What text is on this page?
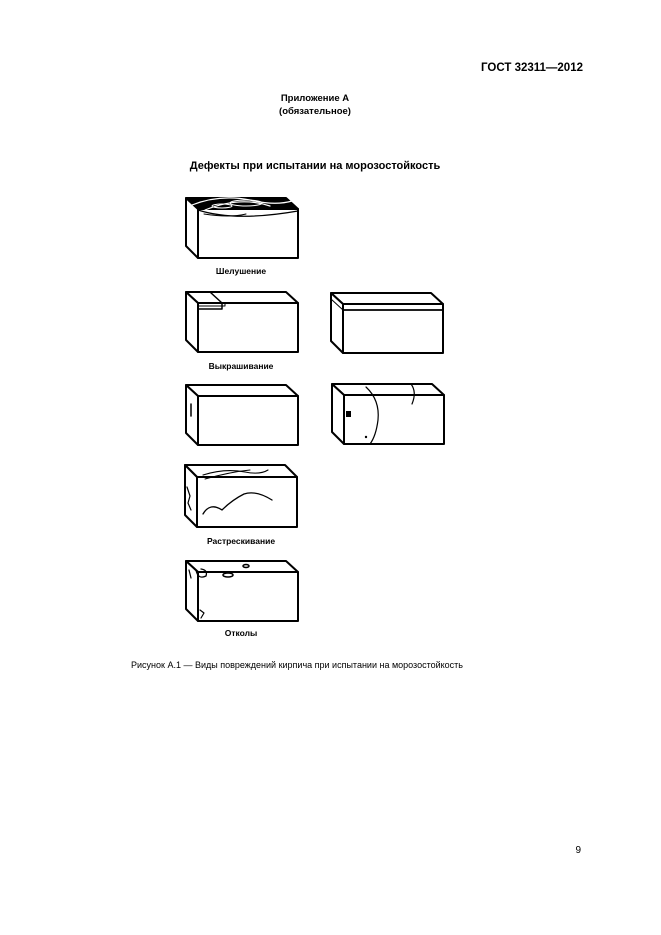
ГОСТ 32311—2012
Приложение А
(обязательное)
Дефекты при испытании на морозостойкость
Шелушение
Выкрашивание
Растрескивание
Отколы
Рисунок А.1 — Виды повреждений кирпича при испытании на морозостойкость
9
